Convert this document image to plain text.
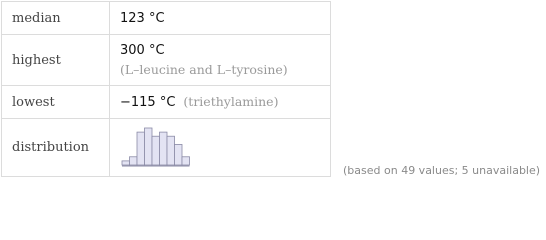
median	123 °C
highest	300 °C
(L–leucine and L–tyrosine)

lowest	−115 °C (triethylamine)
distribution	
(based on 49 values; 5 unavailable)
